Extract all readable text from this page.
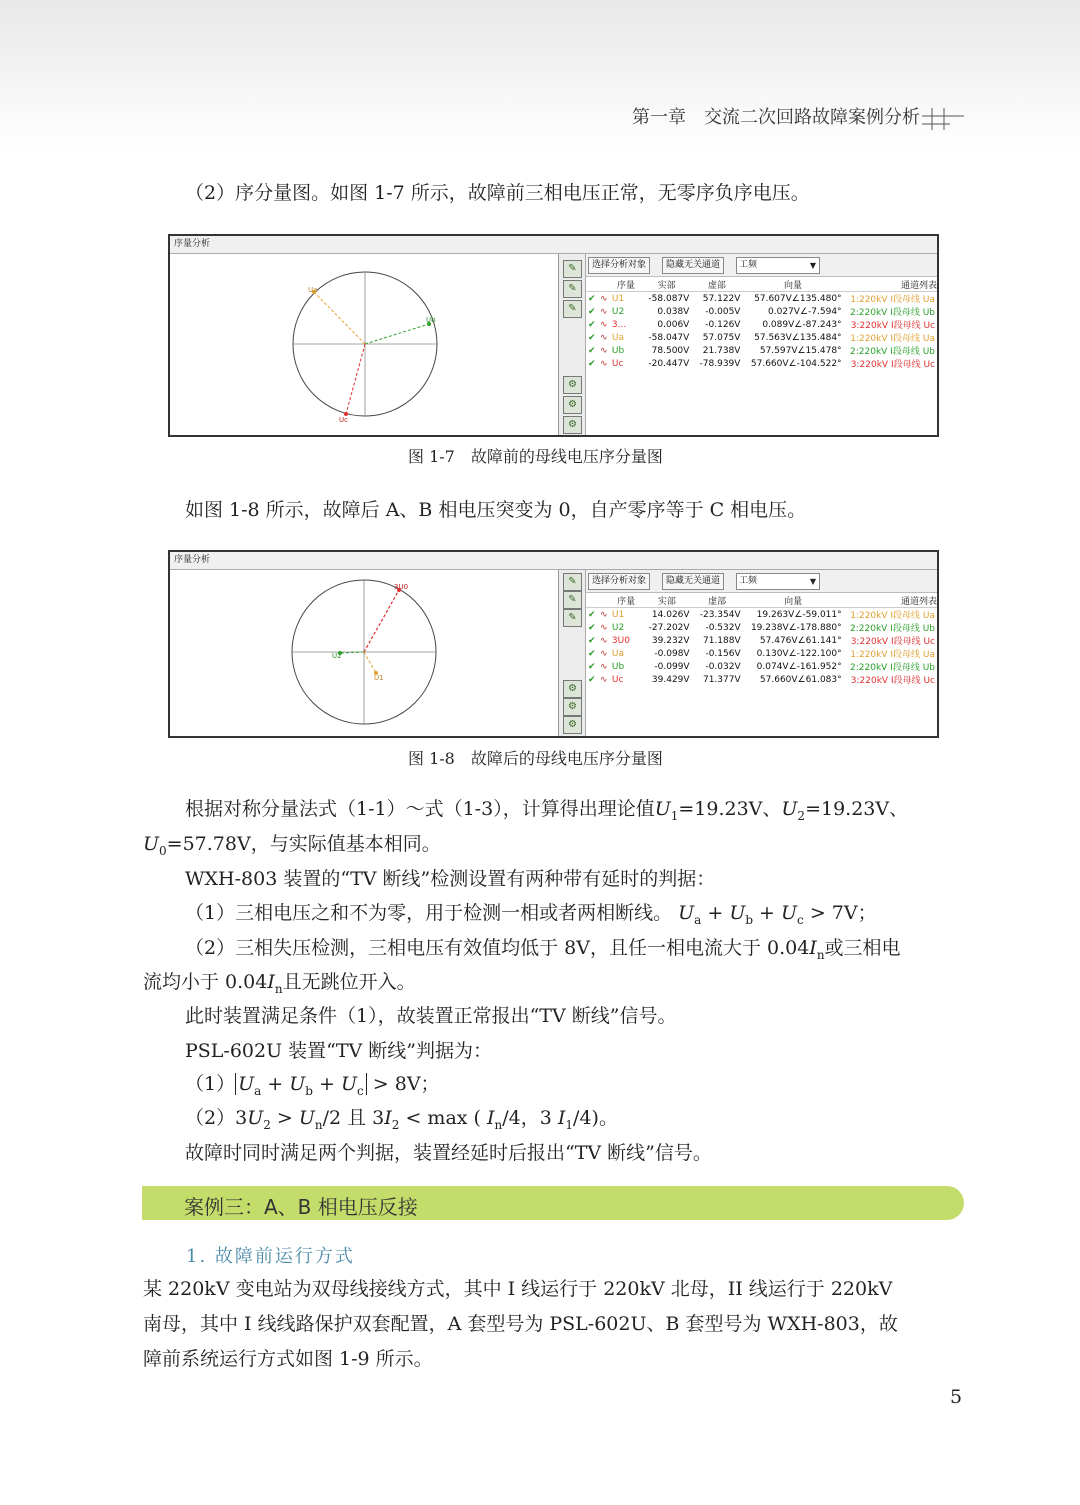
第一章　交流二次回路故障案例分析
（2）序分量图。如图 1-7 所示，故障前三相电压正常，无零序负序电压。
序量分析
Ua
Ub
Uc
✎
✎
✎
⚙
⚙
⚙
选择分析对象	隐藏无关通道	工频	▼
		序量	实部	虚部	向量	通道列表
✔	∿	U1	-58.087V	57.122V	57.607V∠135.480°	1:220kV I段母线 Ua
✔	∿	U2	0.038V	-0.005V	0.027V∠-7.594°	2:220kV I段母线 Ub
✔	∿	3...	0.006V	-0.126V	0.089V∠-87.243°	3:220kV I段母线 Uc
✔	∿	Ua	-58.047V	57.075V	57.563V∠135.484°	1:220kV I段母线 Ua
✔	∿	Ub	78.500V	21.738V	57.597V∠15.478°	2:220kV I段母线 Ub
✔	∿	Uc	-20.447V	-78.939V	57.660V∠-104.522°	3:220kV I段母线 Uc
图 1-7　故障前的母线电压序分量图
如图 1-8 所示，故障后 A、B 相电压突变为 0，自产零序等于 C 相电压。
序量分析
3U0
U2
U1
✎
✎
✎
⚙
⚙
⚙
选择分析对象	隐藏无关通道	工频	▼
		序量	实部	虚部	向量	通道列表
✔	∿	U1	14.026V	-23.354V	19.263V∠-59.011°	1:220kV I段母线 Ua
✔	∿	U2	-27.202V	-0.532V	19.238V∠-178.880°	2:220kV I段母线 Ub
✔	∿	3U0	39.232V	71.188V	57.476V∠61.141°	3:220kV I段母线 Uc
✔	∿	Ua	-0.098V	-0.156V	0.130V∠-122.100°	1:220kV I段母线 Ua
✔	∿	Ub	-0.099V	-0.032V	0.074V∠-161.952°	2:220kV I段母线 Ub
✔	∿	Uc	39.429V	71.377V	57.660V∠61.083°	3:220kV I段母线 Uc
图 1-8　故障后的母线电压序分量图
根据对称分量法式（1-1）～式（1-3），计算得出理论值$U_1=19.23V$、$U_2=19.23V$、
$U_0=57.78V$，与实际值基本相同。
WXH-803 装置的“TV 断线”检测设置有两种带有延时的判据：
（1）三相电压之和不为零，用于检测一相或者两相断线。 $U_a + U_b + U_c > 7V$；
（2）三相失压检测，三相电压有效值均低于 8V，且任一相电流大于 $0.04I_n$或三相电
流均小于 $0.04I_n$且无跳位开入。
此时装置满足条件（1），故装置正常报出“TV 断线”信号。
PSL-602U 装置“TV 断线”判据为：
（1） $U_a + U_b + U_c > 8V$；
$(2)3U_2 > U_n/2$ 且 $3I_2 < \max$ ( $I_n/4$，3 $I_1/4$)。
故障时同时满足两个判据，装置经延时后报出“TV 断线”信号。
案例三：A、B 相电压反接
1. 故障前运行方式
某 220kV 变电站为双母线接线方式，其中 I 线运行于 220kV 北母，II 线运行于 220kV
南母，其中 I 线线路保护双套配置，A 套型号为 PSL-602U、B 套型号为 WXH-803，故
障前系统运行方式如图 1-9 所示。
5
